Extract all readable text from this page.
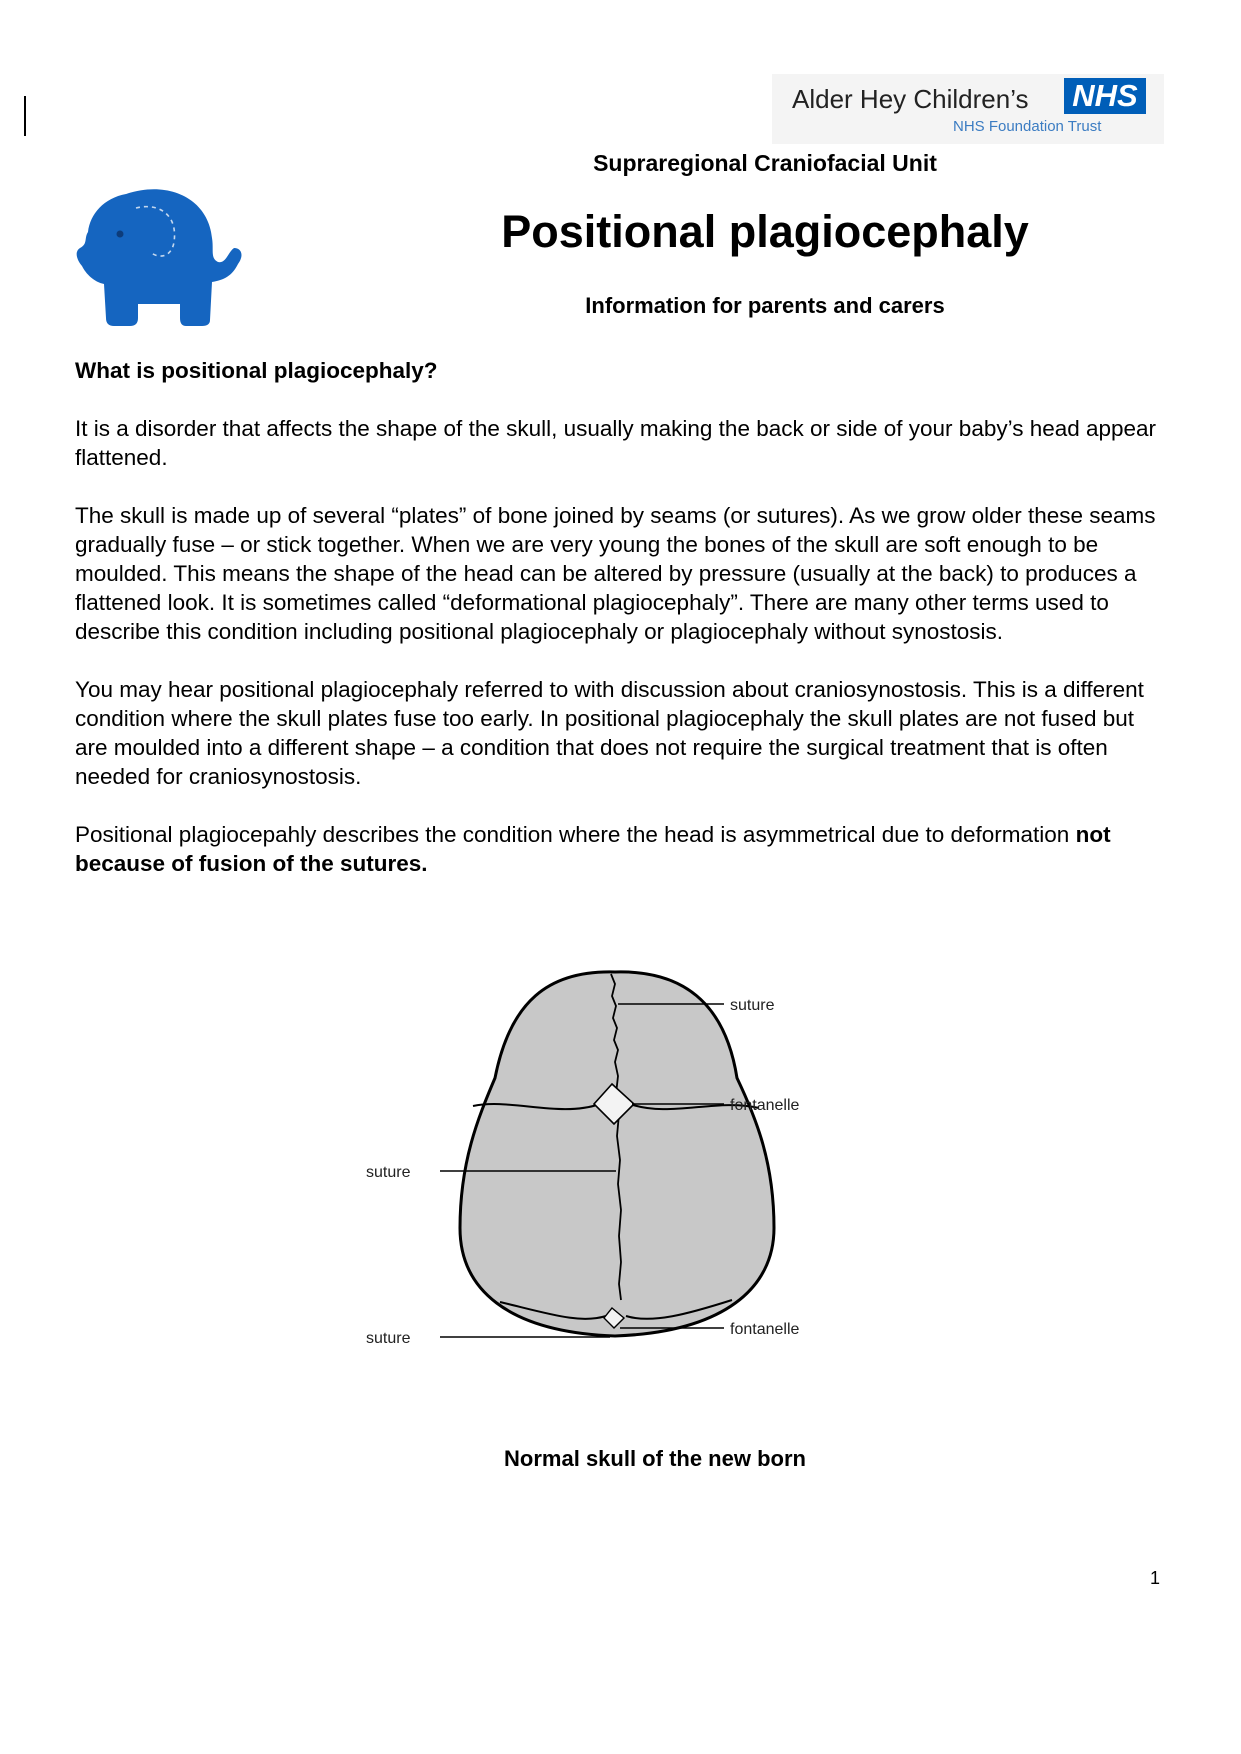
Alder Hey Children’s NHS
NHS Foundation Trust
Supraregional Craniofacial Unit
Positional plagiocephaly
Information for parents and carers
What is positional plagiocephaly?

It is a disorder that affects the shape of the skull, usually making the back or side of your baby’s head appear flattened.

The skull is made up of several “plates” of bone joined by seams (or sutures). As we grow older these seams gradually fuse – or stick together. When we are very young the bones of the skull are soft enough to be moulded. This means the shape of the head can be altered by pressure (usually at the back) to produces a flattened look. It is sometimes called “deformational plagiocephaly”. There are many other terms used to describe this condition including positional plagiocephaly or plagiocephaly without synostosis.

You may hear positional plagiocephaly referred to with discussion about craniosynostosis. This is a different condition where the skull plates fuse too early. In positional plagiocephaly the skull plates are not fused but are moulded into a different shape – a condition that does not require the surgical treatment that is often needed for craniosynostosis.

Positional plagiocepahly describes the condition where the head is asymmetrical due to deformation not because of fusion of the sutures.

suture
fontanelle
suture
suture
fontanelle
Normal skull of the new born
1
